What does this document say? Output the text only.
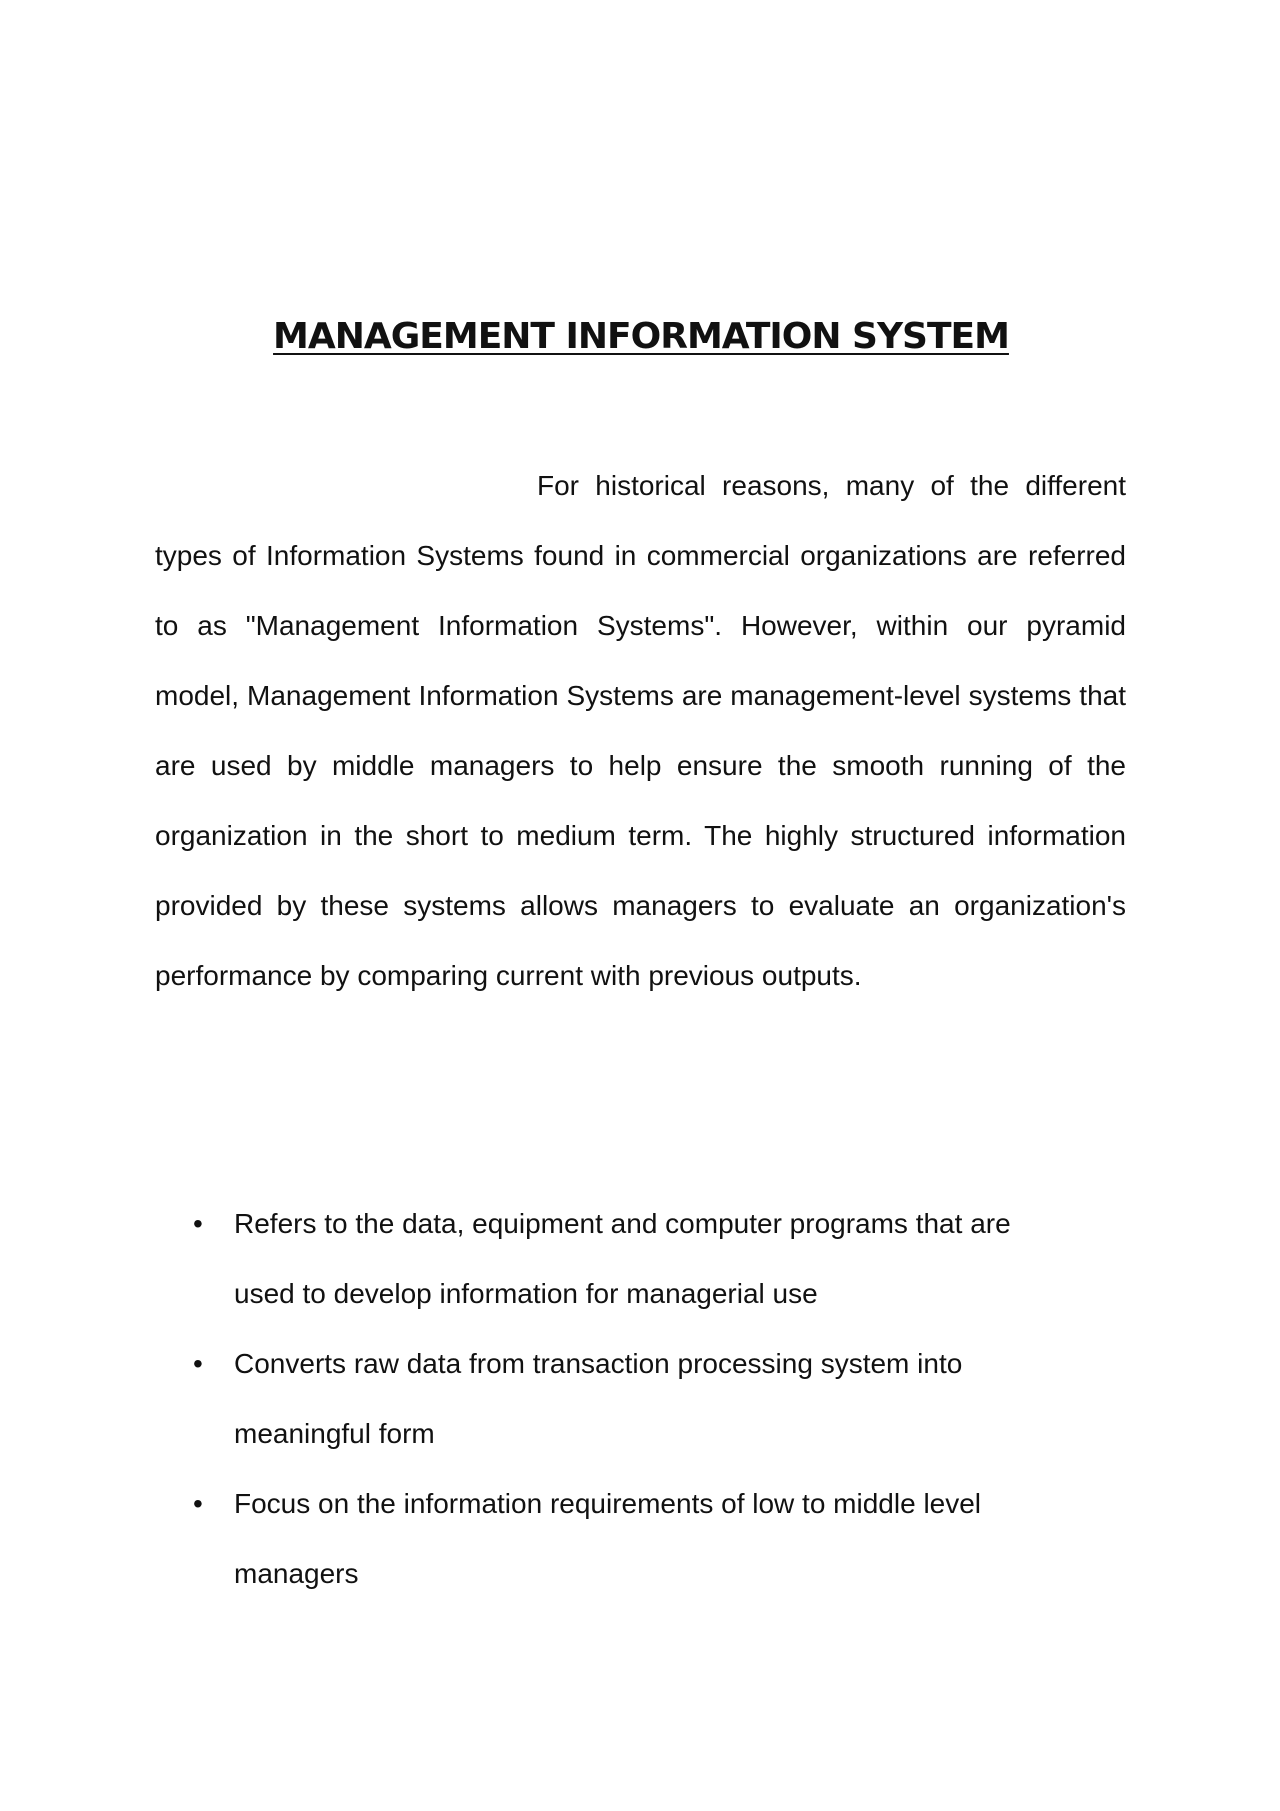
MANAGEMENT INFORMATION SYSTEM

For historical reasons, many of the different types of Information Systems found in commercial organizations are referred to as "Management Information Systems". However, within our pyramid model, Management Information Systems are management-level systems that are used by middle managers to help ensure the smooth running of the organization in the short to medium term. The highly structured information provided by these systems allows managers to evaluate an organization's performance by comparing current with previous outputs.

• Refers to the data, equipment and computer programs that are used to develop information for managerial use
• Converts raw data from transaction processing system into meaningful form
• Focus on the information requirements of low to middle level managers
